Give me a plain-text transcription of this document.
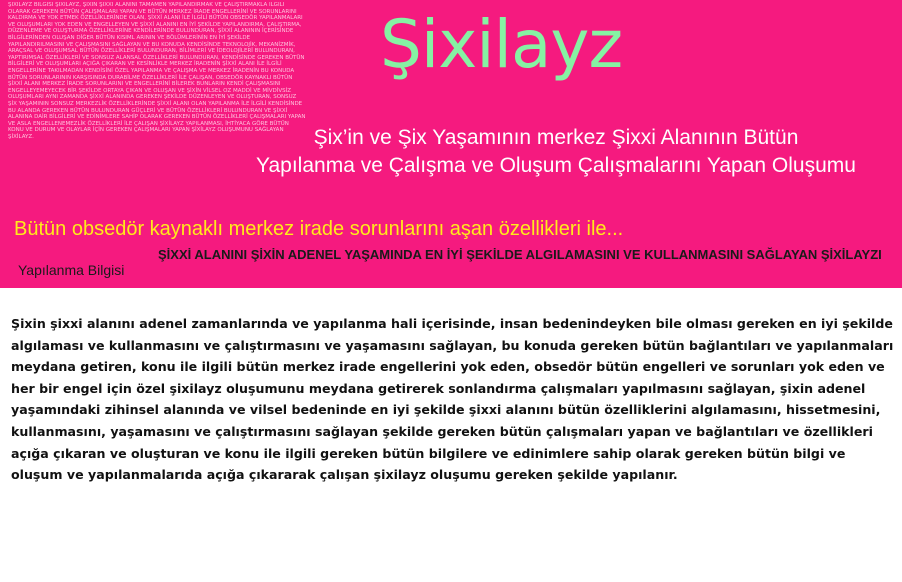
ŞİXİLAYZ BİLGİSİ ŞİXİLAYZ, ŞİXİN ŞİXXİ ALANINI TAMAMEN YAPILANDIRMAK VE ÇALIŞTIRMAKLA İLGİLİ OLARAK GEREKEN BÜTÜN ÇALIŞMALARI YAPAN VE BÜTÜN MERKEZ İRADE ENGELLERİNİ VE SORUNLARINI KALDIRMA VE YOK ETMEK ÖZELLİKLERİNDE OLAN, ŞİXXİ ALANI İLE İLGİLİ BÜTÜN OBSEDÖR YAPILANMALARI VE OLUŞUMLARI YOK EDEN VE ENGELLEYEN VE ŞİXXİ ALANINI EN İYİ ŞEKİLDE YAPILANDIRMA, ÇALIŞTIRMA, DÜZENLEME VE OLUŞTURMA ÖZELLİKLERİNE KENDİLERİNDE BULUNDURAN, ŞİXXİ ALANININ İÇERİSİNDE BİLGİLERİNDEN OLUŞAN DİĞER BÜTÜN KISIML ARININ VE BÖLÜMLERİNİN EN İYİ ŞEKİLDE YAPILANDIRILMASINI VE ÇALIŞMASINI SAĞLAYAN VE BU KONUDA KENDİSİNDE TEKNOLOJİK, MEKANİZMİK, ARAÇSAL VE OLUŞUMSAL BÜTÜN ÖZELLİKLERİ BULUNDURAN, BİLİMLERİ VE İDEOLOJİLERİ BULUNDURAN, YAPTIRIMSAL ÖZELLİKLERİ VE SONSUZ ALANSAL ÖZELLİKLERİ BULUNDURAN, KENDİSİNDE GEREKEN BÜTÜN BİLGİLERİ VE OLUŞUMLARI AÇIĞA ÇIKARAN VE KESİNLİKLE MERKEZ İRADENİN ŞİXXİ ALANI İLE İLGİLİ ENGELLERİNE TAKILMADAN KENDİSİNİ ÖZEL YAPILANMA VE ÇALIŞMA VE MERKEZ İRADENİN BU KONUDA BÜTÜN SORUNLARININ KARŞISINDA DURABİLME ÖZELLİKLERİ İLE ÇALIŞAN, OBSEDÖR KAYNAKLI BÜTÜN ŞİXXİ ALANI MERKEZ İRADE SORUNLARINI VE ENGELLERİNİ BİLEREK BUNLARIN KENDİ ÇALIŞMASINI ENGELLEYEMEYECEK BİR ŞEKİLDE ORTAYA ÇIKAN VE OLUŞAN VE ŞİXİN VİLSEL OZ MADDİ VE MİVDİVSİZ OLUŞUMLARI AYNI ZAMANDA ŞİXXİ ALANINDA GEREKEN ŞEKİLDE DÜZENLEYEN VE OLUŞTURAN, SONSUZ ŞİX YAŞAMININ SONSUZ MERKEZLİK ÖZELLİKLERİNDE ŞİXXİ ALANI OLAN YAPILANMA İLE İLGİLİ KENDİSİNDE BU ALANDA GEREKEN BÜTÜN BULUNDURAN GÜÇLERİ VE BÜTÜN ÖZELLİKLERİ BULUNDURAN VE ŞİXXİ ALANINA DAİR BİLGİLERİ VE EDİNİMLERE SAHİP OLARAK GEREKEN BÜTÜN ÖZELLİKLERİ ÇALIŞMALARI YAPAN VE ASLA ENGELLENEMEZLİK ÖZELLİKLERİ İLE ÇALIŞAN ŞİXİLAYZ YAPILANMASI, İHTİYACA GÖRE BÜTÜN KONU VE DURUM VE OLAYLAR İÇİN GEREKEN ÇALIŞMALARI YAPAN ŞİXİLAYZ OLUŞUMUNU SAĞLAYAN ŞİXİLAYZ.
Şixilayz
Şix’in ve Şix Yaşamının merkez Şixxi Alanının Bütün
Yapılanma ve Çalışma ve Oluşum Çalışmalarını Yapan Oluşumu
Bütün obsedör kaynaklı merkez irade sorunlarını aşan özellikleri ile...
Yapılanma Bilgisi
ŞİXXİ ALANINI ŞİXİN ADENEL YAŞAMINDA EN İYİ ŞEKİLDE ALGILAMASINI VE KULLANMASINI SAĞLAYAN ŞİXİLAYZI

Şixin şixxi alanını adenel zamanlarında ve yapılanma hali içerisinde, insan bedenindeyken bile olması gereken en iyi şekilde algılaması ve kullanmasını ve çalıştırmasını ve yaşamasını sağlayan, bu konuda gereken bütün bağlantıları ve yapılanmaları meydana getiren, konu ile ilgili bütün merkez irade engellerini yok eden, obsedör bütün engelleri ve sorunları yok eden ve her bir engel için özel şixilayz oluşumunu meydana getirerek sonlandırma çalışmaları yapılmasını sağlayan, şixin adenel yaşamındaki zihinsel alanında ve vilsel bedeninde en iyi şekilde şixxi alanını bütün özelliklerini algılamasını, hissetmesini, kullanmasını, yaşamasını ve çalıştırmasını sağlayan şekilde gereken bütün çalışmaları yapan ve bağlantıları ve özellikleri açığa çıkaran ve oluşturan ve konu ile ilgili gereken bütün bilgilere ve edinimlere sahip olarak gereken bütün bilgi ve oluşum ve yapılanmalarıda açığa çıkararak çalışan şixilayz oluşumu gereken şekilde yapılanır.
